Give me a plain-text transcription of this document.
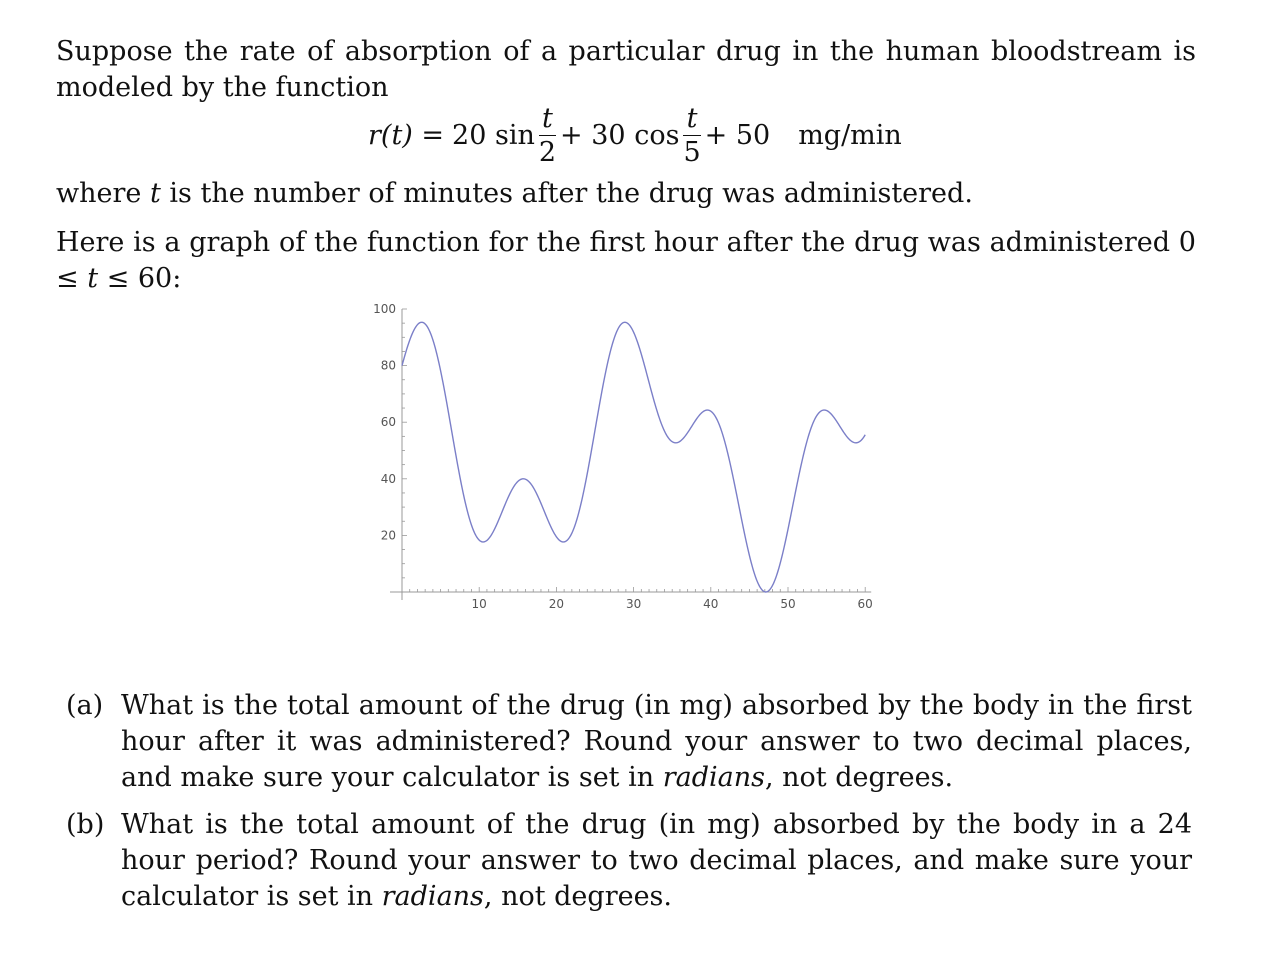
Suppose the rate of absorption of a particular drug in the human bloodstream is modeled by the function
r(t) = 20 $\sin \frac{t}{2} + 30$ $\cos \frac{t}{5} + 50$ mg/min
where t is the number of minutes after the drug was administered.
Here is a graph of the function for the first hour after the drug was administered 0 ≤ t ≤ 60:
10	20	30	40	50	60
20
40
60
80
100
(a) What is the total amount of the drug (in mg) absorbed by the body in the first hour after it was administered? Round your answer to two decimal places, and make sure your calculator is set in radians, not degrees.
(b) What is the total amount of the drug (in mg) absorbed by the body in a 24 hour period? Round your answer to two decimal places, and make sure your calculator is set in radians, not degrees.
